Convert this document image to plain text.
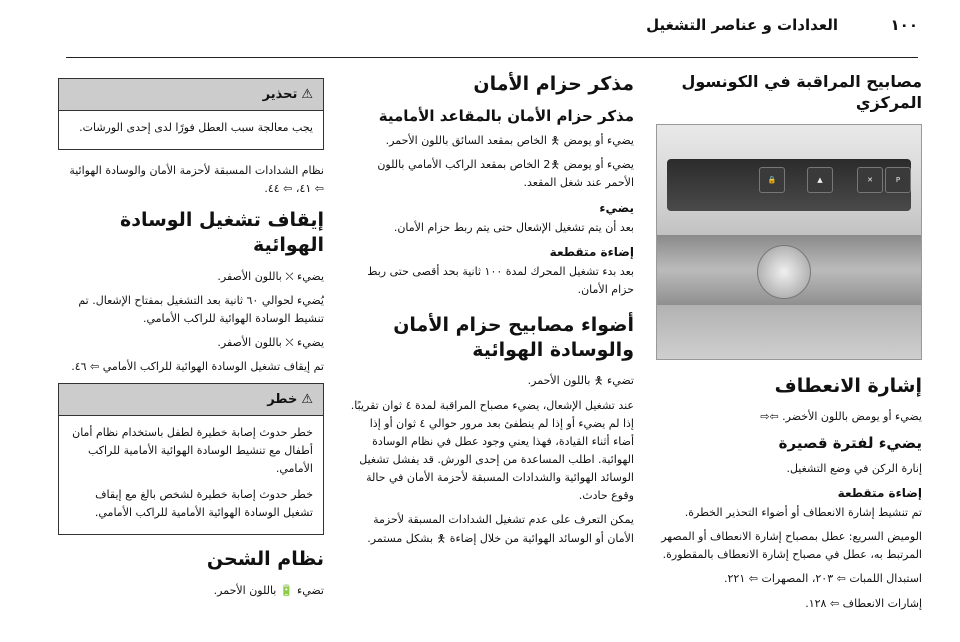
١٠٠
العدادات و عناصر التشغيل
مصابيح المراقبة في الكونسول المركزي
▲
🔒	✕	P
إشارة الانعطاف

يضيء أو يومض باللون الأخضر. ⇦⇨

يضيء لفترة قصيرة

إنارة الركن في وضع التشغيل.

إضاءة متقطعة

تم تنشيط إشارة الانعطاف أو أضواء التحذير الخطرة.

الوميض السريع: عطل بمصباح إشارة الانعطاف أو المصهر المرتبط به، عطل في مصباح إشارة الانعطاف بالمقطورة.

استبدال اللمبات ⇦ ٢٠٣، المصهرات ⇦ ٢٢١.

إشارات الانعطاف ⇦ ١٢٨.

مذكر حزام الأمان
مذكر حزام الأمان بالمقاعد الأمامية

يضيء أو يومض 🯅 الخاص بمقعد السائق باللون الأحمر.

يضيء أو يومض 🯅2 الخاص بمقعد الراكب الأمامي باللون الأحمر عند شغل المقعد.

يضيء

بعد أن يتم تشغيل الإشعال حتى يتم ربط حزام الأمان.

إضاءة متقطعة

بعد بدء تشغيل المحرك لمدة ١٠٠ ثانية بحد أقصى حتى ربط حزام الأمان.

أضواء مصابيح حزام الأمان والوسادة الهوائية

تضيء 🯅 باللون الأحمر.

عند تشغيل الإشعال، يضيء مصباح المراقبة لمدة ٤ ثوان تقريبًا. إذا لم يضيء أو إذا لم ينطفئ بعد مرور حوالي ٤ ثوان أو إذا أضاء أثناء القيادة، فهذا يعني وجود عطل في نظام الوسادة الهوائية. اطلب المساعدة من إحدى الورش. قد يفشل تشغيل الوسائد الهوائية والشدادات المسبقة لأحزمة الأمان في حالة وقوع حادث.

يمكن التعرف على عدم تشغيل الشدادات المسبقة لأحزمة الأمان أو الوسائد الهوائية من خلال إضاءة 🯅 بشكل مستمر.

⚠
تحذير

يجب معالجة سبب العطل فورًا لدى إحدى الورشات.

نظام الشدادات المسبقة لأحزمة الأمان والوسادة الهوائية ⇦ ٤١، ⇦ ٤٤.

إيقاف تشغيل الوسادة الهوائية

يضيء ⛌ باللون الأصفر.

يُضيء لحوالي ٦٠ ثانية بعد التشغيل بمفتاح الإشعال. تم تنشيط الوسادة الهوائية للراكب الأمامي.

يضيء ⛌ باللون الأصفر.

تم إيقاف تشغيل الوسادة الهوائية للراكب الأمامي ⇦ ٤٦.

⚠
خطر

خطر حدوث إصابة خطيرة لطفل باستخدام نظام أمان أطفال مع تنشيط الوسادة الهوائية الأمامية للراكب الأمامي.

خطر حدوث إصابة خطيرة لشخص بالغ مع إيقاف تشغيل الوسادة الهوائية الأمامية للراكب الأمامي.

نظام الشحن

تضيء 🔋 باللون الأحمر.
